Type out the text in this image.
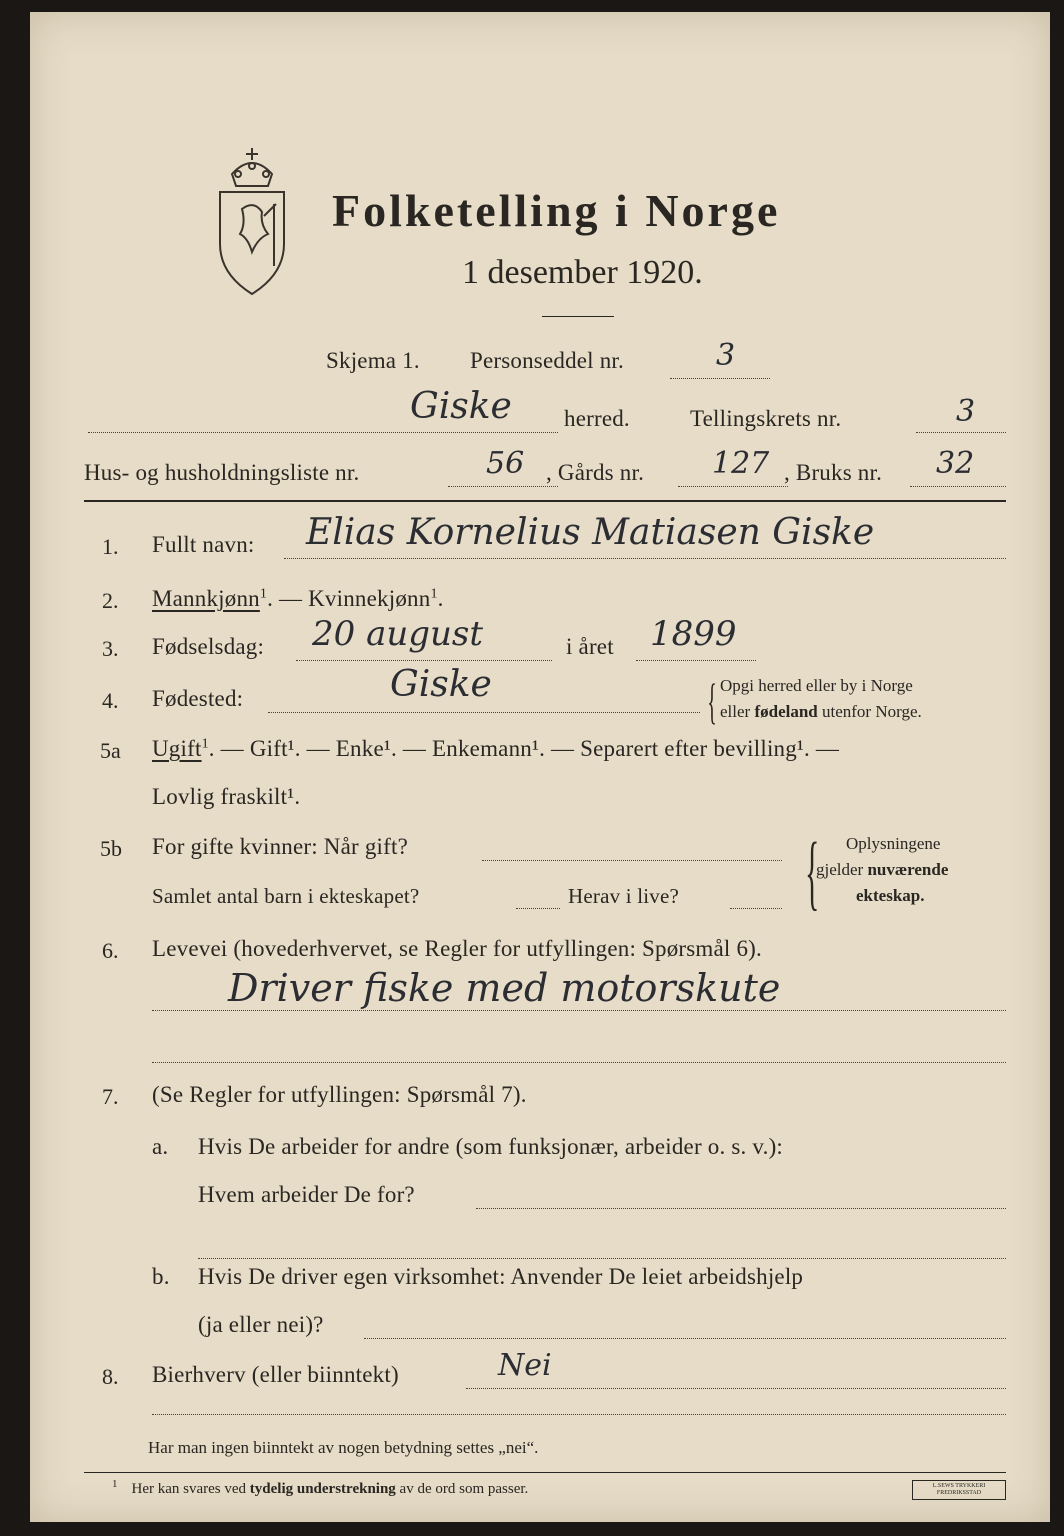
Folketelling i Norge
1 desember 1920.
Skjema 1. Personseddel nr.	3
Giske herred.	Tellingskrets nr.	3
Hus- og husholdningsliste nr.	56 , Gårds nr. 127 , Bruks nr. 32
1. Fullt navn: Elias Kornelius Matiasen Giske
2. Mannkjønn$^1$. — Kvinnekjønn$^1$.
3. Fødselsdag: 20 august	i året 1899
4. Fødested:	Giske	{ Opgi herred eller by i Norge
eller fødeland utenfor Norge.
5a Ugift$^1$. — Gift¹. — Enke¹. — Enkemann¹. — Separert efter bevilling¹. —
Lovlig fraskilt¹.
5b For gifte kvinner: Når gift?
Samlet antal barn i ekteskapet?	Herav i live? { Oplysningene
gjelder nuværende
ekteskap.
6. Levevei (hovederhvervet, se Regler for utfyllingen: Spørsmål 6).
Driver fiske med motorskute
7. (Se Regler for utfyllingen: Spørsmål 7).
a. Hvis De arbeider for andre (som funksjonær, arbeider o. s. v.):
Hvem arbeider De for?
b. Hvis De driver egen virksomhet: Anvender De leiet arbeidshjelp
(ja eller nei)?
8. Bierhverv (eller biinntekt)	Nei
Har man ingen biinntekt av nogen betydning settes „nei“.
$^1$ Her kan svares ved tydelig understrekning av de ord som passer.	L.SEWS TRYKKERI FREDRIKSSTAD
